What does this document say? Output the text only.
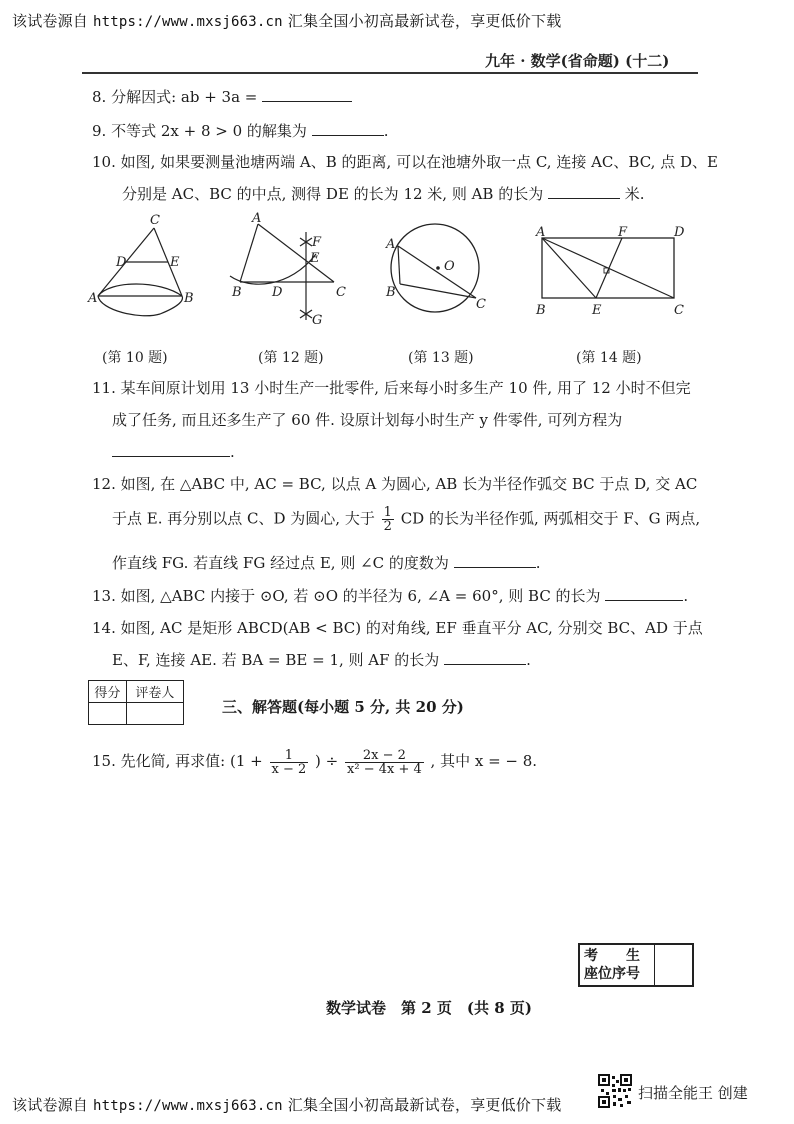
该试卷源自 https://www.mxsj663.cn 汇集全国小初高最新试卷，享更低价下载
九年 · 数学(省命题) (十二)
8. 分解因式: ab + 3a =
9. 不等式 2x + 8 > 0 的解集为	.
10. 如图, 如果要测量池塘两端 A、B 的距离, 可以在池塘外取一点 C, 连接 AC、BC, 点 D、E
分别是 AC、BC 的中点, 测得 DE 的长为 12 米, 则 AB 的长为	米.
C
D	E
A	B
A
B D	C
F
E
G
A
B
C
O
A	F	D
B	E	C
(第 10 题)	(第 12 题)	(第 13 题)	(第 14 题)
11. 某车间原计划用 13 小时生产一批零件, 后来每小时多生产 10 件, 用了 12 小时不但完
成了任务, 而且还多生产了 60 件. 设原计划每小时生产 y 件零件, 可列方程为
.
12. 如图, 在 △ABC 中, AC = BC, 以点 A 为圆心, AB 长为半径作弧交 BC 于点 D, 交 AC
于点 E. 再分别以点 C、D 为圆心, 大于 $\frac{1}{2}$ CD 的长为半径作弧, 两弧相交于 F、G 两点,
作直线 FG. 若直线 FG 经过点 E, 则 ∠C 的度数为	.
13. 如图, △ABC 内接于 ⊙O, 若 ⊙O 的半径为 6, ∠A = 60°, 则 BC 的长为	.
14. 如图, AC 是矩形 ABCD(AB < BC) 的对角线, EF 垂直平分 AC, 分别交 BC、AD 于点
E、F, 连接 AE. 若 BA = BE = 1, 则 AF 的长为	.
得分	评卷人

三、解答题(每小题 5 分, 共 20 分)
15. 先化简, 再求值: ($1 + \frac{1}{x - 2}$ ) ÷ $\frac{2x - 2}{\text{x² − 4x + 4}}$ , 其中 x = − 8.
考　　生
座位序号

数学试卷　第 2 页　(共 8 页)
该试卷源自 https://www.mxsj663.cn 汇集全国小初高最新试卷，享更低价下载
扫描全能王 创建
